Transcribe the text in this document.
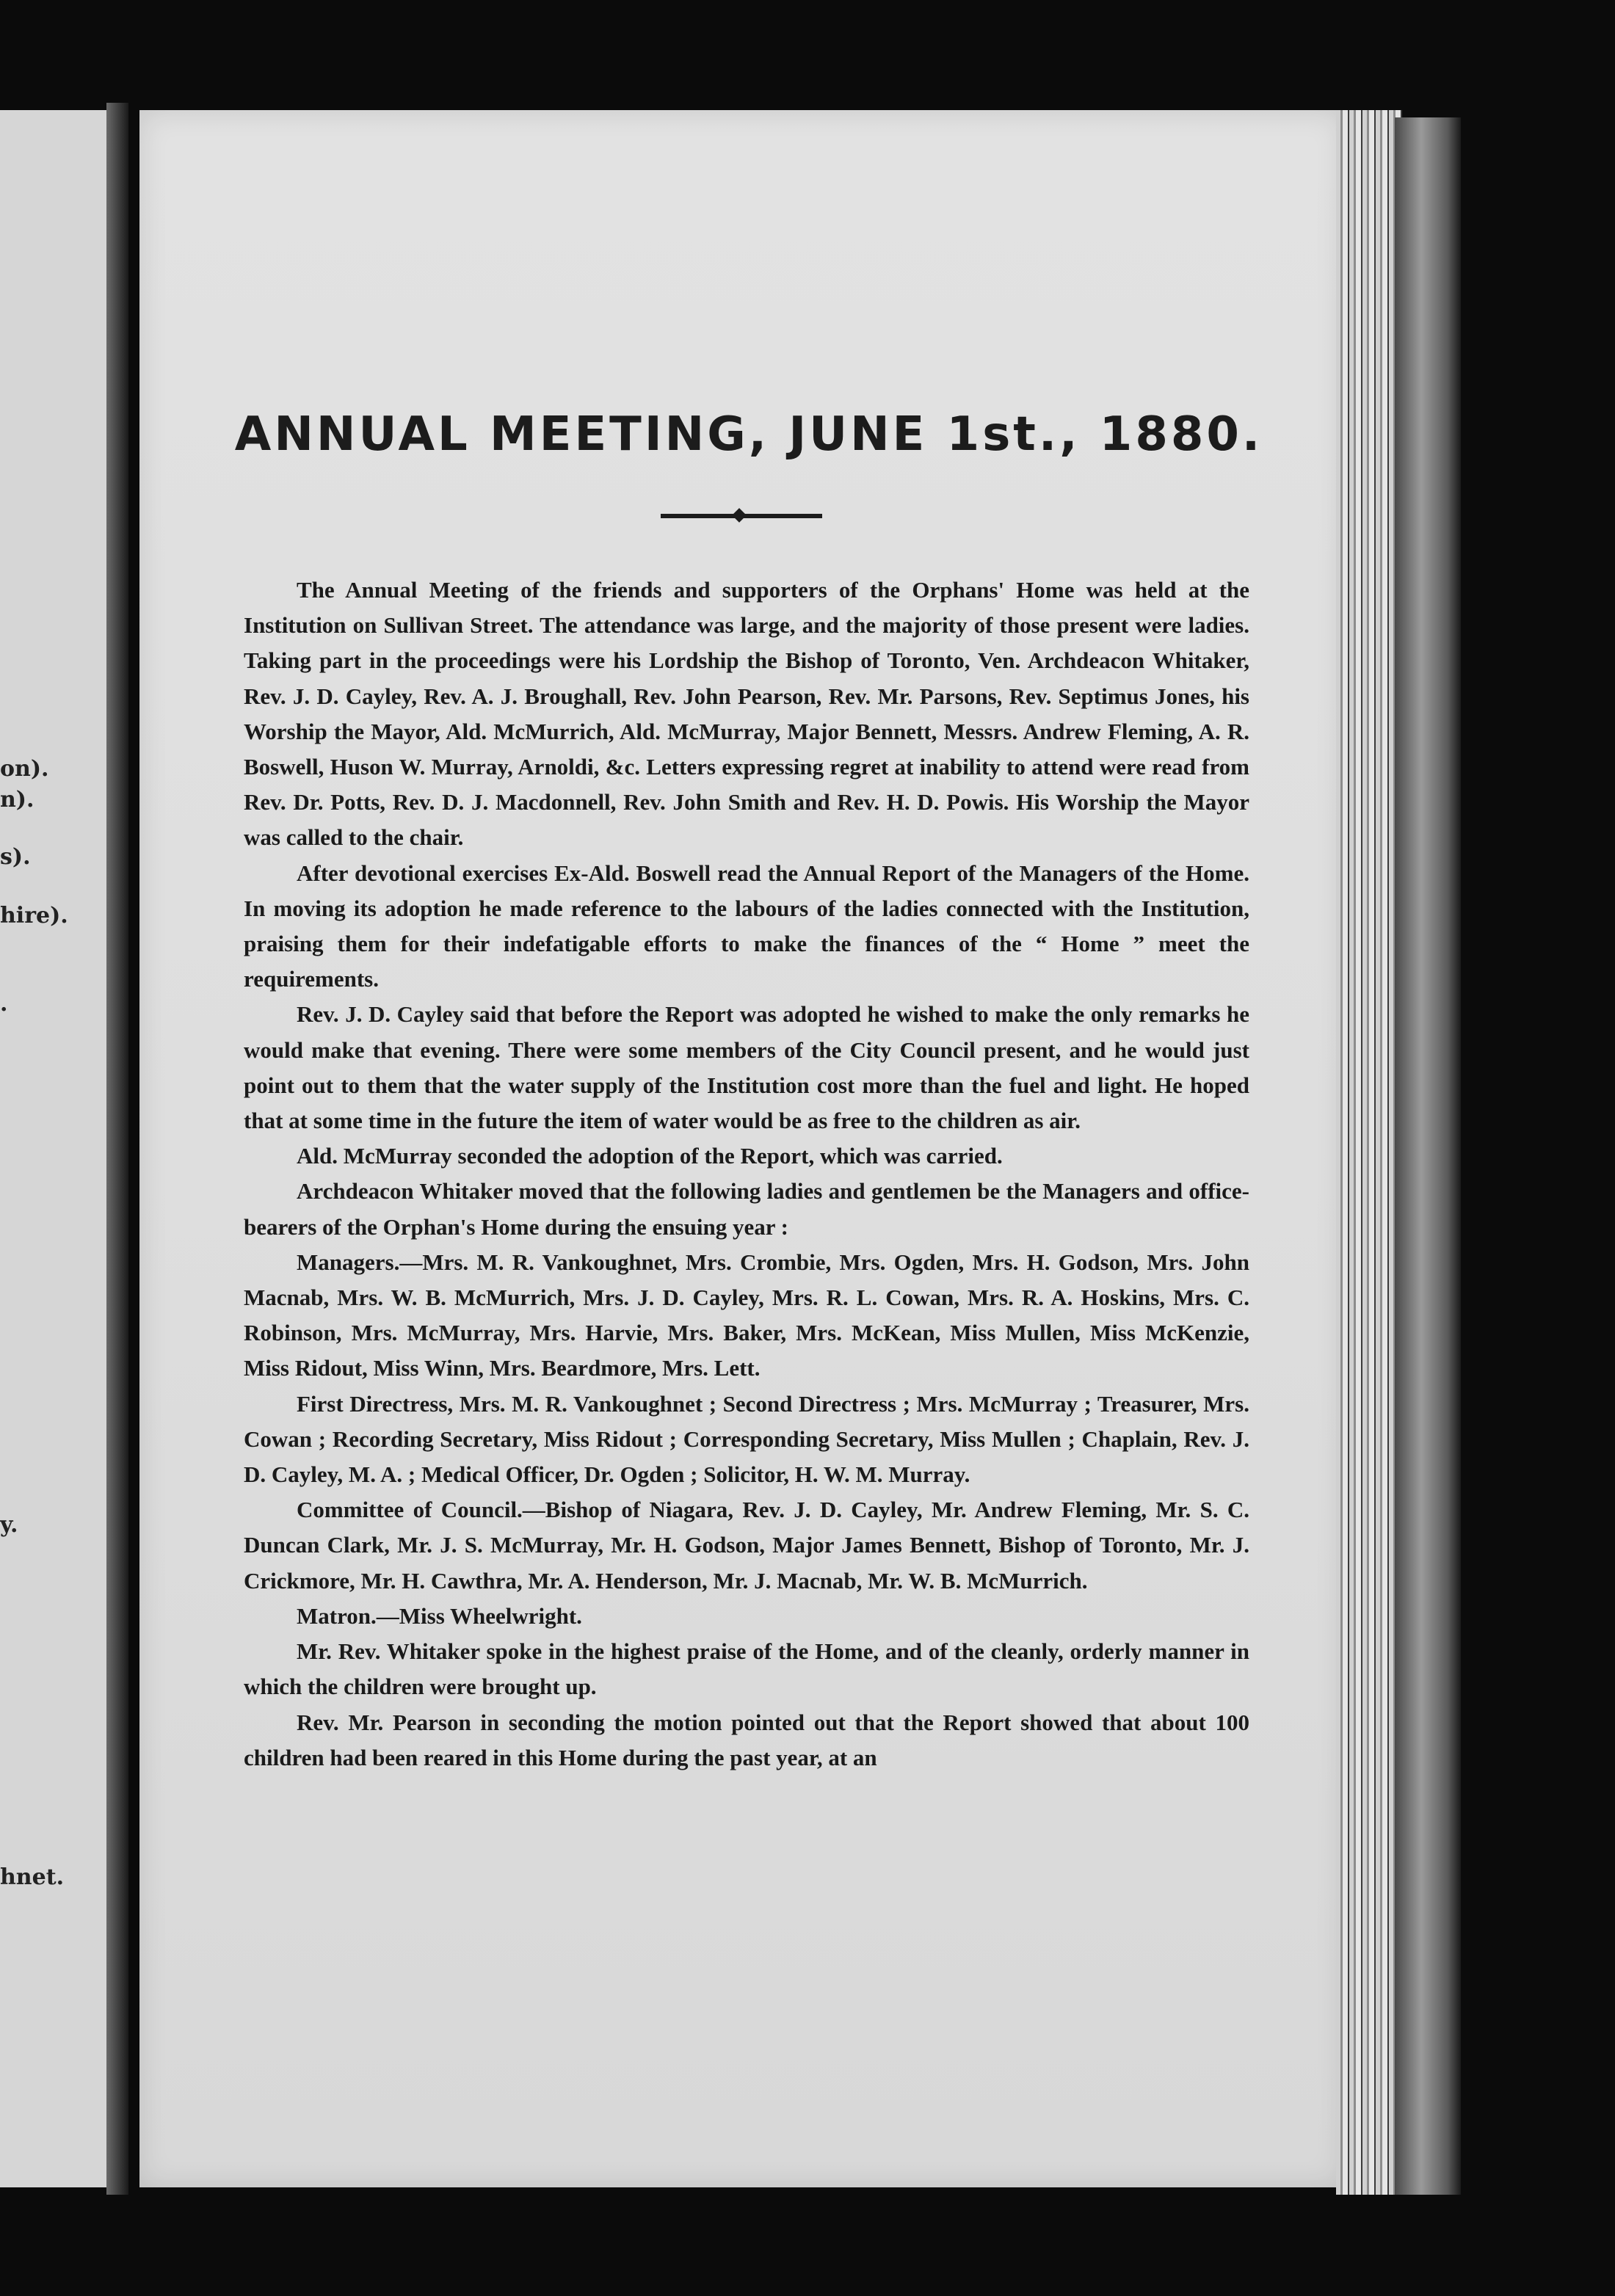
on).
n).
s).
hire).
.
y.
hnet.
ANNUAL MEETING, JUNE 1st., 1880.

The Annual Meeting of the friends and supporters of the Orphans' Home was held at the Institution on Sullivan Street. The attendance was large, and the majority of those present were ladies. Taking part in the proceedings were his Lordship the Bishop of Toronto, Ven. Archdeacon Whitaker, Rev. J. D. Cayley, Rev. A. J. Broughall, Rev. John Pearson, Rev. Mr. Parsons, Rev. Septimus Jones, his Worship the Mayor, Ald. McMurrich, Ald. McMurray, Major Bennett, Messrs. Andrew Fleming, A. R. Boswell, Huson W. Murray, Arnoldi, &c. Letters expressing regret at inability to attend were read from Rev. Dr. Potts, Rev. D. J. Macdonnell, Rev. John Smith and Rev. H. D. Powis. His Worship the Mayor was called to the chair.

After devotional exercises Ex-Ald. Boswell read the Annual Report of the Managers of the Home. In moving its adoption he made reference to the labours of the ladies connected with the Institution, praising them for their indefatigable efforts to make the finances of the “ Home ” meet the requirements.

Rev. J. D. Cayley said that before the Report was adopted he wished to make the only remarks he would make that evening. There were some members of the City Council present, and he would just point out to them that the water supply of the Institution cost more than the fuel and light. He hoped that at some time in the future the item of water would be as free to the children as air.

Ald. McMurray seconded the adoption of the Report, which was carried.

Archdeacon Whitaker moved that the following ladies and gentlemen be the Managers and office-bearers of the Orphan's Home during the ensuing year :

Managers.—Mrs. M. R. Vankoughnet, Mrs. Crombie, Mrs. Ogden, Mrs. H. Godson, Mrs. John Macnab, Mrs. W. B. McMurrich, Mrs. J. D. Cayley, Mrs. R. L. Cowan, Mrs. R. A. Hoskins, Mrs. C. Robinson, Mrs. McMurray, Mrs. Harvie, Mrs. Baker, Mrs. McKean, Miss Mullen, Miss McKenzie, Miss Ridout, Miss Winn, Mrs. Beardmore, Mrs. Lett.

First Directress, Mrs. M. R. Vankoughnet ; Second Directress ; Mrs. McMurray ; Treasurer, Mrs. Cowan ; Recording Secretary, Miss Ridout ; Corresponding Secretary, Miss Mullen ; Chaplain, Rev. J. D. Cayley, M. A. ; Medical Officer, Dr. Ogden ; Solicitor, H. W. M. Murray.

Committee of Council.—Bishop of Niagara, Rev. J. D. Cayley, Mr. Andrew Fleming, Mr. S. C. Duncan Clark, Mr. J. S. McMurray, Mr. H. Godson, Major James Bennett, Bishop of Toronto, Mr. J. Crickmore, Mr. H. Cawthra, Mr. A. Henderson, Mr. J. Macnab, Mr. W. B. McMurrich.

Matron.—Miss Wheelwright.

Mr. Rev. Whitaker spoke in the highest praise of the Home, and of the cleanly, orderly manner in which the children were brought up.

Rev. Mr. Pearson in seconding the motion pointed out that the Report showed that about 100 children had been reared in this Home during the past year, at an
